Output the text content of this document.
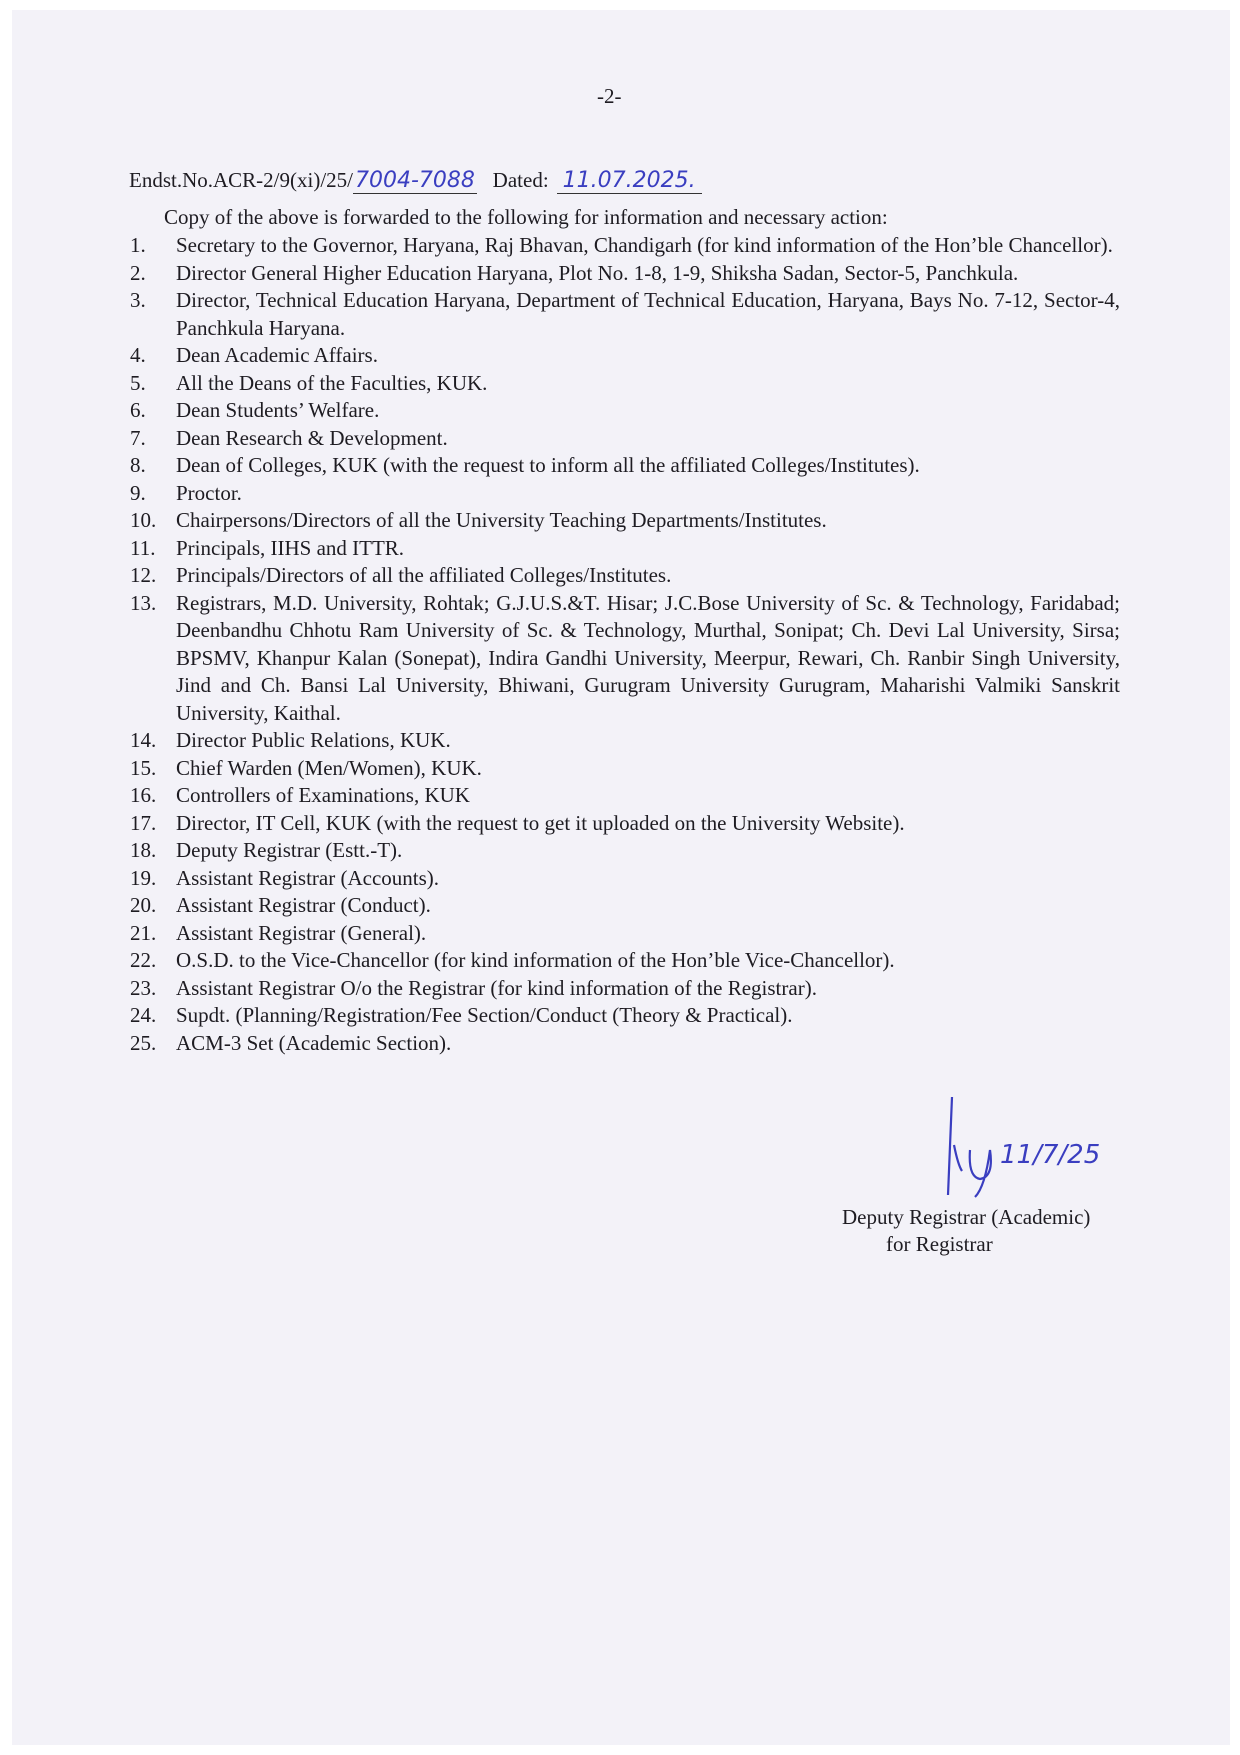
-2-
Endst.No.ACR-2/9(xi)/25/7004-7088 Dated: 11.07.2025.
Copy of the above is forwarded to the following for information and necessary action:
1.	Secretary to the Governor, Haryana, Raj Bhavan, Chandigarh (for kind information of the Hon’ble Chancellor).
2.	Director General Higher Education Haryana, Plot No. 1-8, 1-9, Shiksha Sadan, Sector-5, Panchkula.
3.	Director, Technical Education Haryana, Department of Technical Education, Haryana, Bays No. 7-12, Sector-4, Panchkula Haryana.
4.	Dean Academic Affairs.
5.	All the Deans of the Faculties, KUK.
6.	Dean Students’ Welfare.
7.	Dean Research & Development.
8.	Dean of Colleges, KUK (with the request to inform all the affiliated Colleges/Institutes).
9.	Proctor.
10. Chairpersons/Directors of all the University Teaching Departments/Institutes.
11. Principals, IIHS and ITTR.
12. Principals/Directors of all the affiliated Colleges/Institutes.
13. Registrars, M.D. University, Rohtak; G.J.U.S.&T. Hisar; J.C.Bose University of Sc. & Technology, Faridabad; Deenbandhu Chhotu Ram University of Sc. & Technology, Murthal, Sonipat; Ch. Devi Lal University, Sirsa; BPSMV, Khanpur Kalan (Sonepat), Indira Gandhi University, Meerpur, Rewari, Ch. Ranbir Singh University, Jind and Ch. Bansi Lal University, Bhiwani, Gurugram University Gurugram, Maharishi Valmiki Sanskrit University, Kaithal.
14. Director Public Relations, KUK.
15. Chief Warden (Men/Women), KUK.
16. Controllers of Examinations, KUK
17. Director, IT Cell, KUK (with the request to get it uploaded on the University Website).
18. Deputy Registrar (Estt.-T).
19. Assistant Registrar (Accounts).
20. Assistant Registrar (Conduct).
21. Assistant Registrar (General).
22. O.S.D. to the Vice-Chancellor (for kind information of the Hon’ble Vice-Chancellor).
23. Assistant Registrar O/o the Registrar (for kind information of the Registrar).
24. Supdt. (Planning/Registration/Fee Section/Conduct (Theory & Practical).
25. ACM-3 Set (Academic Section).
11/7/25
Deputy Registrar (Academic)
for Registrar
